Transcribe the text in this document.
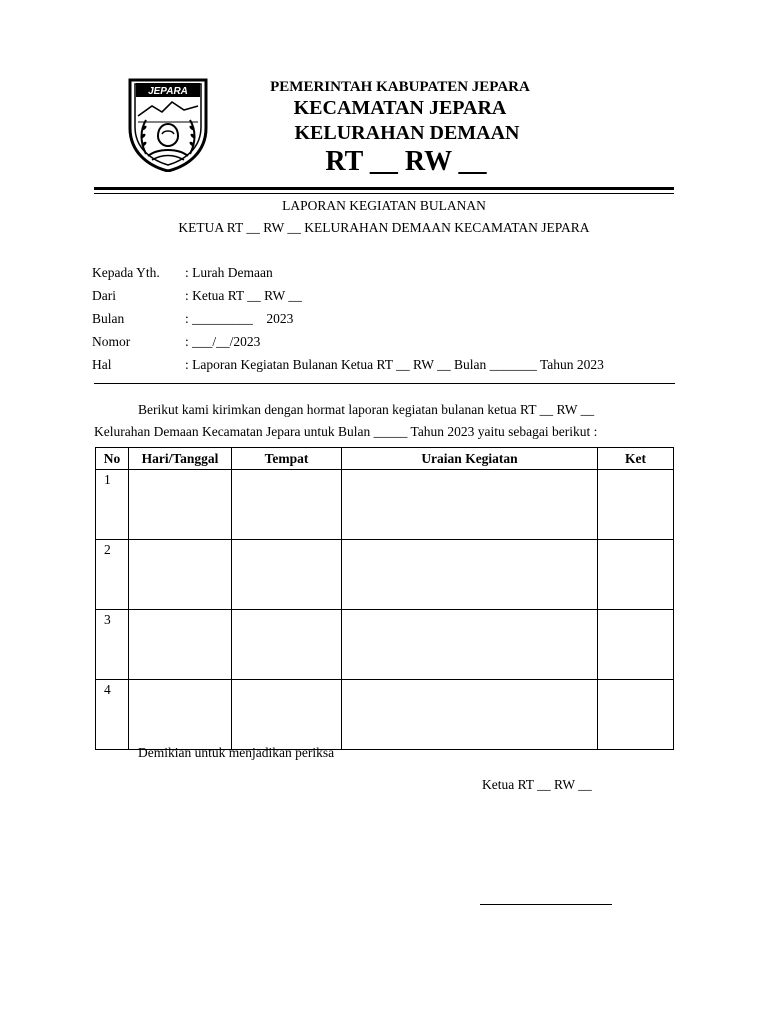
JEPARA	PEMERINTAH KABUPATEN JEPARA
KECAMATAN JEPARA
KELURAHAN DEMAAN
RT __ RW __
LAPORAN KEGIATAN BULANAN
KETUA RT __ RW __ KELURAHAN DEMAAN KECAMATAN JEPARA
Kepada Yth. : Lurah Demaan
Dari	: Ketua RT __ RW __
Bulan	: _________    2023
Nomor	: ___/__/2023
Hal	: Laporan Kegiatan Bulanan Ketua RT __ RW __ Bulan _______ Tahun 2023
Berikut kami kirimkan dengan hormat laporan kegiatan bulanan ketua RT __ RW __
Kelurahan Demaan Kecamatan Jepara untuk Bulan _____ Tahun 2023 yaitu sebagai berikut :
No	Hari/Tanggal	Tempat	Uraian Kegiatan	Ket
1				
2				
3				
4				
Demikian untuk menjadikan periksa
Ketua RT __ RW __
